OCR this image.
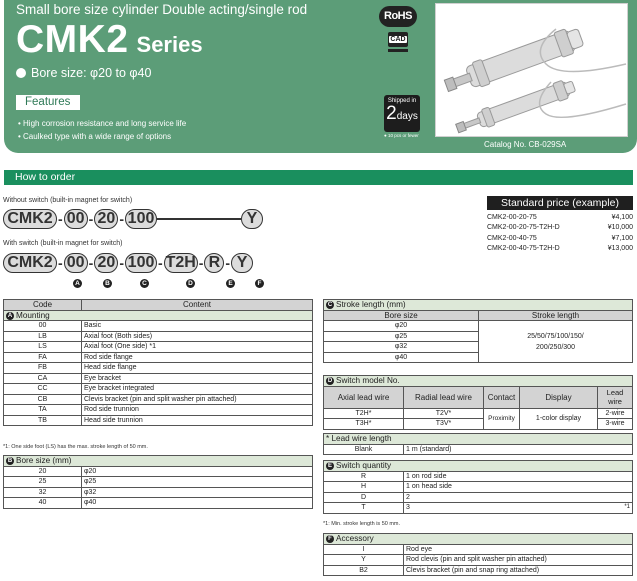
Small bore size cylinder Double acting/single rod
CMK2 Series
Bore size: φ20 to φ40
Features
• High corrosion resistance and long service life
• Caulked type with a wide range of options
RoHS
CAD
Shipped in
2days
● 10 pcs or fewer
Catalog No. CB-029SA
How to order
Without switch (built-in magnet for switch)
CMK2 - 00 - 20 - 100	Y
With switch (built-in magnet for switch)
CMK2 - 00 - 20 - 100 - T2H - R - Y
A	B	C	D	E	F
Standard price (example)
CMK2-00-20-75	¥4,100
CMK2-00-20-75-T2H-D	¥10,000
CMK2-00-40-75	¥7,100
CMK2-00-40-75-T2H-D	¥13,000
Code	Content
A Mounting	
00	Basic
LB	Axial foot (Both sides)
LS	Axial foot (One side) *1
FA	Rod side flange
FB	Head side flange
CA	Eye bracket
CC	Eye bracket integrated
CB	Clevis bracket (pin and split washer pin attached)
TA	Rod side trunnion
TB	Head side trunnion
*1: One side foot (LS) has the max. stroke length of 50 mm.
B Bore size (mm)	
20	φ20
25	φ25
32	φ32
40	φ40
C Stroke length (mm)	
Bore size	Stroke length
φ20	25/50/75/100/150/
200/250/300
φ25	
φ32	
φ40	
D Switch model No.				
Axial lead wire	Radial lead wire	Contact	Display	Lead wire
T2H*	T2V*	Proximity	1-color display	2-wire
T3H*	T3V*			3-wire
* Lead wire length
Blank	1 m (standard)
E Switch quantity		
R	1 on rod side	
H	1 on head side	
D	2	
T	3	*1
*1: Min. stroke length is 50 mm.
F Accessory	
I	Rod eye
Y	Rod clevis (pin and split washer pin attached)
B2	Clevis bracket (pin and snap ring attached)
